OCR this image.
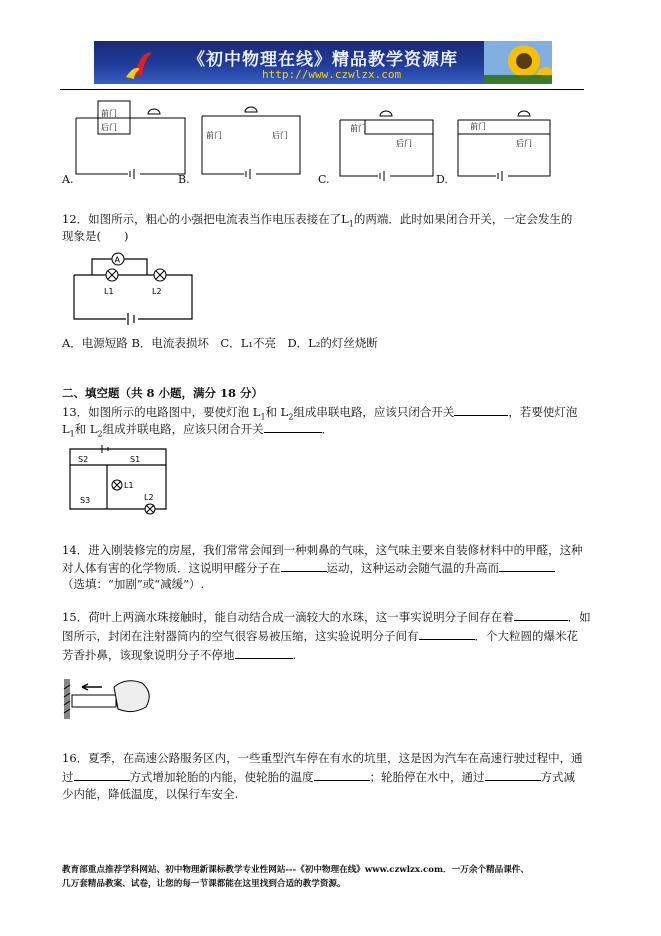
《初中物理在线》精品教学资源库
http://www.czwlzx.com
前门
后门
前门	后门
前门
后门
前门
后门
A.	B.	C.	D.
12．如图所示，粗心的小强把电流表当作电压表接在了$L_1$的两端．此时如果闭合开关，一定会发生的
现象是(　　)
A
L1	L2
A．电源短路 B．电流表损坏　C．L₁不亮　D．L₂的灯丝烧断
二、填空题（共 8 小题，满分 18 分）
13．如图所示的电路图中，要使灯泡 $L_1$和 $L_2$组成串联电路，应该只闭合开关	，若要使灯泡
$L_1$和 $L_2$组成并联电路，应该只闭合开关	．
S2	S1
S3
L1
L2
14．进入刚装修完的房屋，我们常常会闻到一种刺鼻的气味，这气味主要来自装修材料中的甲醛，这种
对人体有害的化学物质．这说明甲醛分子在	运动，这种运动会随气温的升高而
（选填：“加剧”或“减缓”）.
15．荷叶上两滴水珠接触时，能自动结合成一滴较大的水珠，这一事实说明分子间存在着	．如
图所示，封闭在注射器筒内的空气很容易被压缩，这实验说明分子间有	．个大粒圆的爆米花
芳香扑鼻，该现象说明分子不停地	.
16．夏季，在高速公路服务区内，一些重型汽车停在有水的坑里，这是因为汽车在高速行驶过程中，通
过	方式增加轮胎的内能，使轮胎的温度	；轮胎停在水中，通过	方式减
少内能，降低温度，以保行车安全.
教育部重点推荐学科网站、初中物理新课标教学专业性网站---《初中物理在线》www.czwlzx.com．一万余个精品课件、
几万套精品教案、试卷，让您的每一节课都能在这里找到合适的教学资源。
